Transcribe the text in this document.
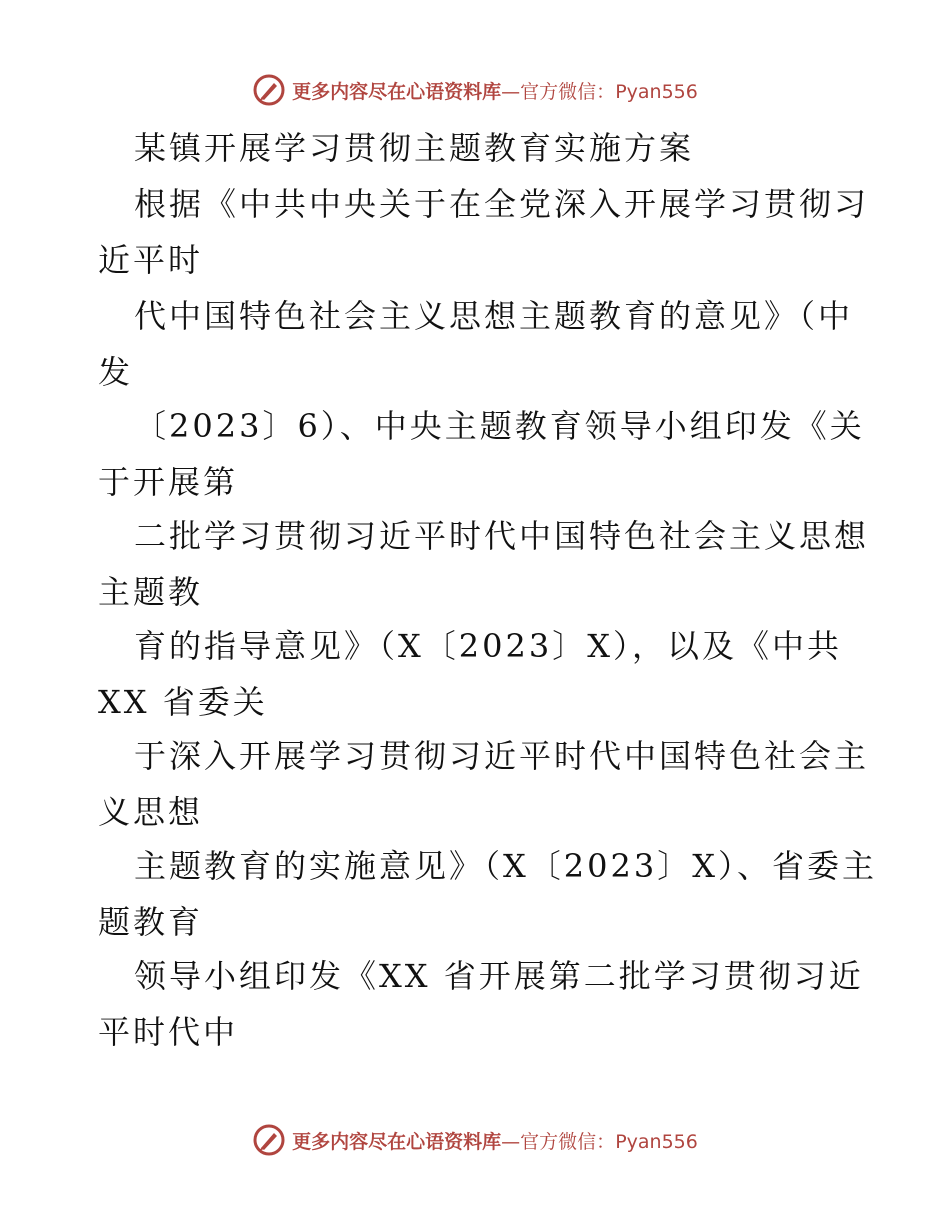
更多内容尽在心语资料库—官方微信：Pyan556
某镇开展学习贯彻主题教育实施方案
根据《中共中央关于在全党深入开展学习贯彻习
近平时
代中国特色社会主义思想主题教育的意见》（中
发
〔2023〕6）、中央主题教育领导小组印发《关
于开展第
二批学习贯彻习近平时代中国特色社会主义思想
主题教
育的指导意见》（X〔2023〕X），以及《中共
XX 省委关
于深入开展学习贯彻习近平时代中国特色社会主
义思想
主题教育的实施意见》（X〔2023〕X）、省委主
题教育
领导小组印发《XX 省开展第二批学习贯彻习近
平时代中
更多内容尽在心语资料库—官方微信：Pyan556
